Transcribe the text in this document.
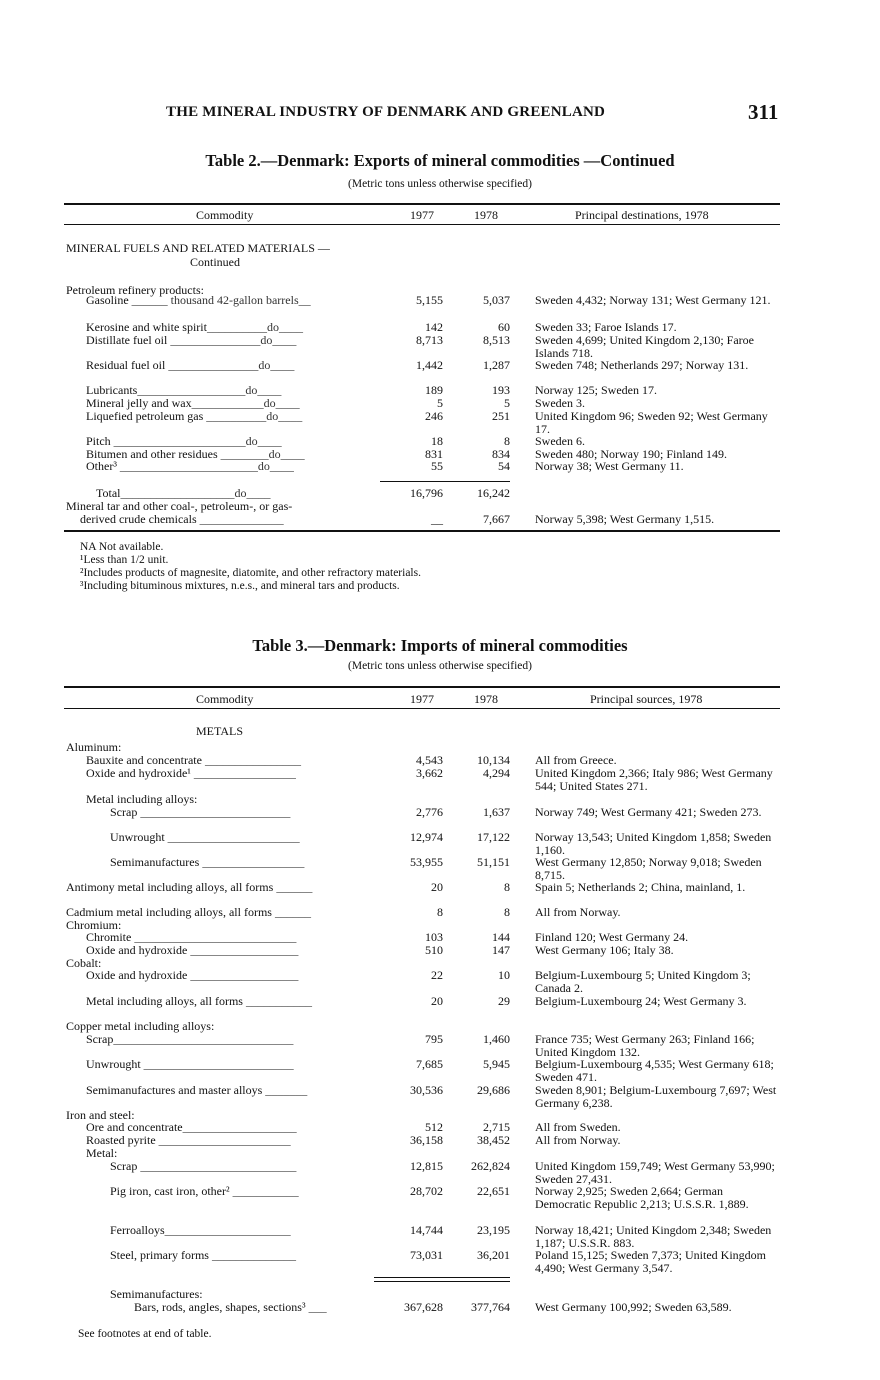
THE MINERAL INDUSTRY OF DENMARK AND GREENLAND	311
Table 2.—Denmark: Exports of mineral commodities —Continued
(Metric tons unless otherwise specified)
Commodity	1977	1978	Principal destinations, 1978
MINERAL FUELS AND RELATED MATERIALS —
Continued
Petroleum refinery products:
Gasoline ______ thousand 42-gallon barrels__	5,155	5,037 Sweden 4,432; Norway 131; West Germany 121.
Kerosine and white spirit__________do____	142	60 Sweden 33; Faroe Islands 17.
Distillate fuel oil _______________do____	8,713	8,513 Sweden 4,699; United Kingdom 2,130; Faroe Islands 718.
Residual fuel oil _______________do____	1,442	1,287 Sweden 748; Netherlands 297; Norway 131.
Lubricants__________________do____	189	193 Norway 125; Sweden 17.
Mineral jelly and wax____________do____	5	5 Sweden 3.
Liquefied petroleum gas __________do____	246	251 United Kingdom 96; Sweden 92; West Germany 17.
Pitch ______________________do____	18	8 Sweden 6.
Bitumen and other residues ________do____	831	834 Sweden 480; Norway 190; Finland 149.
Other³ _______________________do____	55	54 Norway 38; West Germany 11.
Total___________________do____	16,796	16,242
Mineral tar and other coal-, petroleum-, or gas-
derived crude chemicals ______________	__	7,667 Norway 5,398; West Germany 1,515.
NA Not available.
¹Less than 1/2 unit.
²Includes products of magnesite, diatomite, and other refractory materials.
³Including bituminous mixtures, n.e.s., and mineral tars and products.
Table 3.—Denmark: Imports of mineral commodities
(Metric tons unless otherwise specified)
Commodity	1977	1978	Principal sources, 1978
METALS
Aluminum:
Bauxite and concentrate ________________	4,543	10,134 All from Greece.
Oxide and hydroxide¹ _________________	3,662	4,294 United Kingdom 2,366; Italy 986; West Germany 544; United States 271.
Metal including alloys:
Scrap _________________________	2,776	1,637 Norway 749; West Germany 421; Sweden 273.
Unwrought ______________________	12,974	17,122 Norway 13,543; United Kingdom 1,858; Sweden 1,160.
Semimanufactures _________________	53,955	51,151 West Germany 12,850; Norway 9,018; Sweden 8,715.
Antimony metal including alloys, all forms ______	20	8 Spain 5; Netherlands 2; China, mainland, 1.
Cadmium metal including alloys, all forms ______	8	8 All from Norway.
Chromium:
Chromite ___________________________	103	144 Finland 120; West Germany 24.
Oxide and hydroxide __________________	510	147 West Germany 106; Italy 38.
Cobalt:
Oxide and hydroxide __________________	22	10 Belgium-Luxembourg 5; United Kingdom 3; Canada 2.
Metal including alloys, all forms ___________	20	29 Belgium-Luxembourg 24; West Germany 3.
Copper metal including alloys:
Scrap______________________________	795	1,460 France 735; West Germany 263; Finland 166; United Kingdom 132.
Unwrought _________________________	7,685	5,945 Belgium-Luxembourg 4,535; West Germany 618; Sweden 471.
Semimanufactures and master alloys _______	30,536	29,686 Sweden 8,901; Belgium-Luxembourg 7,697; West Germany 6,238.
Iron and steel:
Ore and concentrate___________________	512	2,715 All from Sweden.
Roasted pyrite ______________________	36,158	38,452 All from Norway.
Metal:
Scrap __________________________	12,815	262,824 United Kingdom 159,749; West Germany 53,990; Sweden 27,431.
Pig iron, cast iron, other² ___________	28,702	22,651 Norway 2,925; Sweden 2,664; German Democratic Republic 2,213; U.S.S.R. 1,889.
Ferroalloys_____________________	14,744	23,195 Norway 18,421; United Kingdom 2,348; Sweden 1,187; U.S.S.R. 883.
Steel, primary forms ______________	73,031	36,201 Poland 15,125; Sweden 7,373; United Kingdom 4,490; West Germany 3,547.
Semimanufactures:
Bars, rods, angles, shapes, sections³ ___	367,628	377,764 West Germany 100,992; Sweden 63,589.
See footnotes at end of table.
